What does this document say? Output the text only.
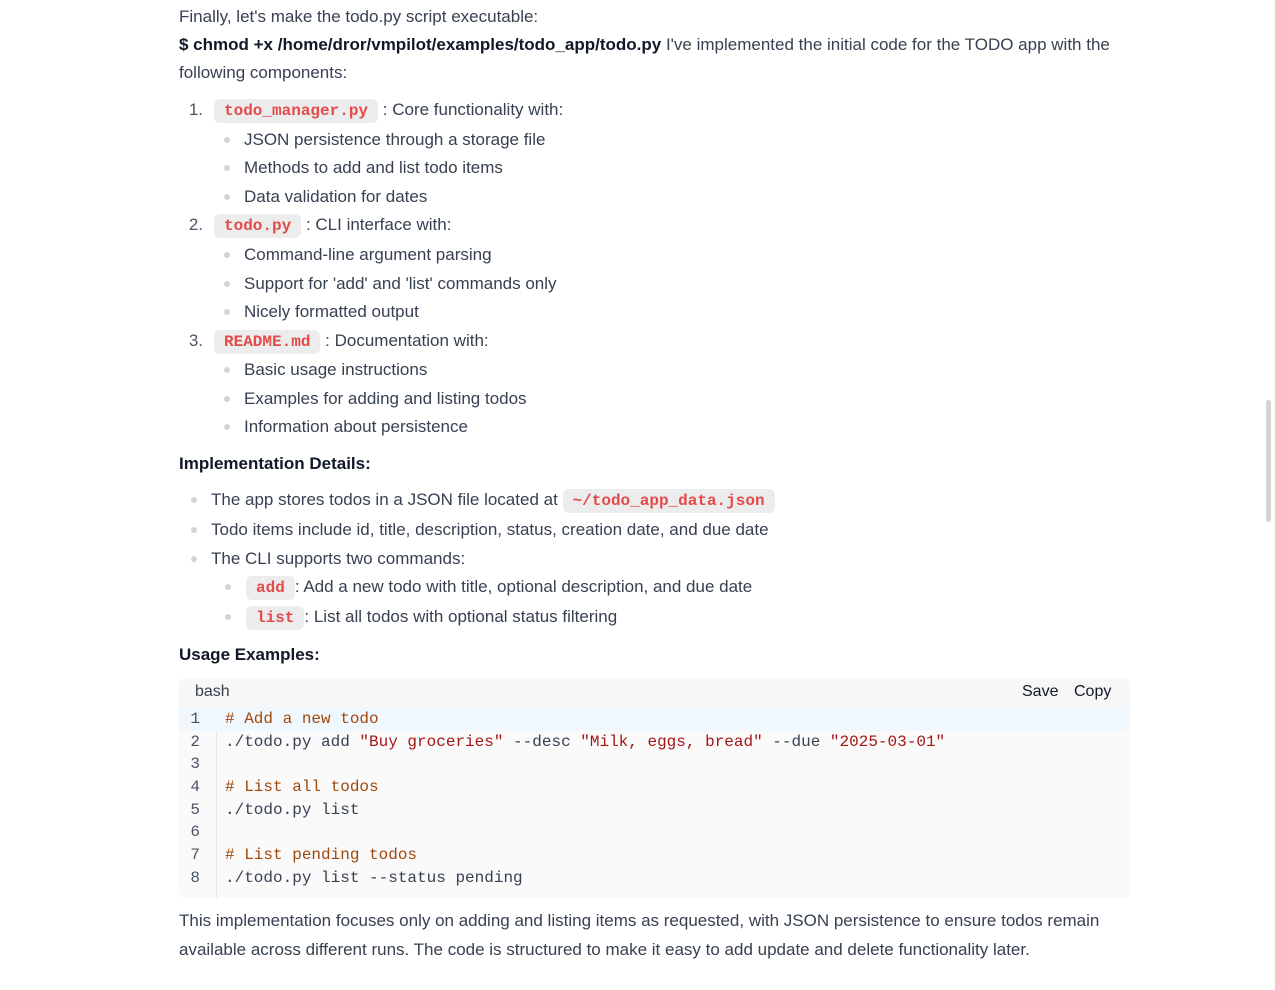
Finally, let's make the todo.py script executable:

$ chmod +x /home/dror/vmpilot/examples/todo_app/todo.py I've implemented the initial code for the TODO app with the following components:

1.	todo_manager.py : Core functionality with:
JSON persistence through a storage file
Methods to add and list todo items
Data validation for dates
2.	todo.py : CLI interface with:
Command-line argument parsing
Support for 'add' and 'list' commands only
Nicely formatted output
3.	README.md : Documentation with:
Basic usage instructions
Examples for adding and listing todos
Information about persistence
Implementation Details:
The app stores todos in a JSON file located at ~/todo_app_data.json
Todo items include id, title, description, status, creation date, and due date
The CLI supports two commands:
add : Add a new todo with title, optional description, and due date
list : List all todos with optional status filtering
Usage Examples:
bash	Save Copy
1 # Add a new todo
2 ./todo.py add "Buy groceries" --desc "Milk, eggs, bread" --due "2025-03-01"
3
4 # List all todos
5 ./todo.py list
6
7 # List pending todos
8 ./todo.py list --status pending

This implementation focuses only on adding and listing items as requested, with JSON persistence to ensure todos remain available across different runs. The code is structured to make it easy to add update and delete functionality later.
